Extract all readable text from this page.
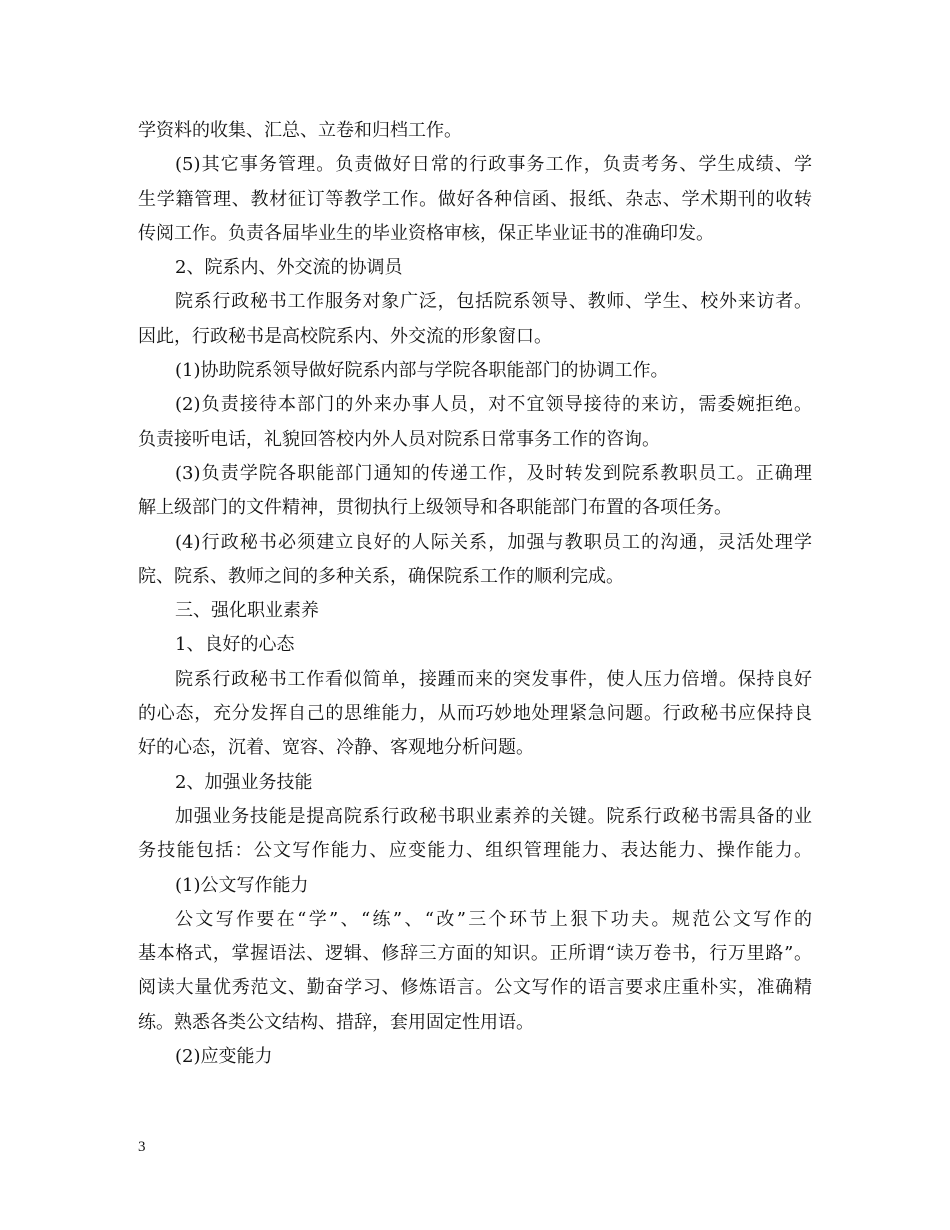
学资料的收集、汇总、立卷和归档工作。
(5)其它事务管理。负责做好日常的行政事务工作，负责考务、学生成绩、学
生学籍管理、教材征订等教学工作。做好各种信函、报纸、杂志、学术期刊的收转
传阅工作。负责各届毕业生的毕业资格审核，保正毕业证书的准确印发。
2、院系内、外交流的协调员
院系行政秘书工作服务对象广泛，包括院系领导、教师、学生、校外来访者。
因此，行政秘书是高校院系内、外交流的形象窗口。
(1)协助院系领导做好院系内部与学院各职能部门的协调工作。
(2)负责接待本部门的外来办事人员，对不宜领导接待的来访，需委婉拒绝。
负责接听电话，礼貌回答校内外人员对院系日常事务工作的咨询。
(3)负责学院各职能部门通知的传递工作，及时转发到院系教职员工。正确理
解上级部门的文件精神，贯彻执行上级领导和各职能部门布置的各项任务。
(4)行政秘书必须建立良好的人际关系，加强与教职员工的沟通，灵活处理学
院、院系、教师之间的多种关系，确保院系工作的顺利完成。
三、强化职业素养
1、良好的心态
院系行政秘书工作看似简单，接踵而来的突发事件，使人压力倍增。保持良好
的心态，充分发挥自己的思维能力，从而巧妙地处理紧急问题。行政秘书应保持良
好的心态，沉着、宽容、冷静、客观地分析问题。
2、加强业务技能
加强业务技能是提高院系行政秘书职业素养的关键。院系行政秘书需具备的业
务技能包括：公文写作能力、应变能力、组织管理能力、表达能力、操作能力。
(1)公文写作能力
公文写作要在“学”、“练”、“改”三个环节上狠下功夫。规范公文写作的
基本格式，掌握语法、逻辑、修辞三方面的知识。正所谓“读万卷书，行万里路”。
阅读大量优秀范文、勤奋学习、修炼语言。公文写作的语言要求庄重朴实，准确精
练。熟悉各类公文结构、措辞，套用固定性用语。
(2)应变能力
3
